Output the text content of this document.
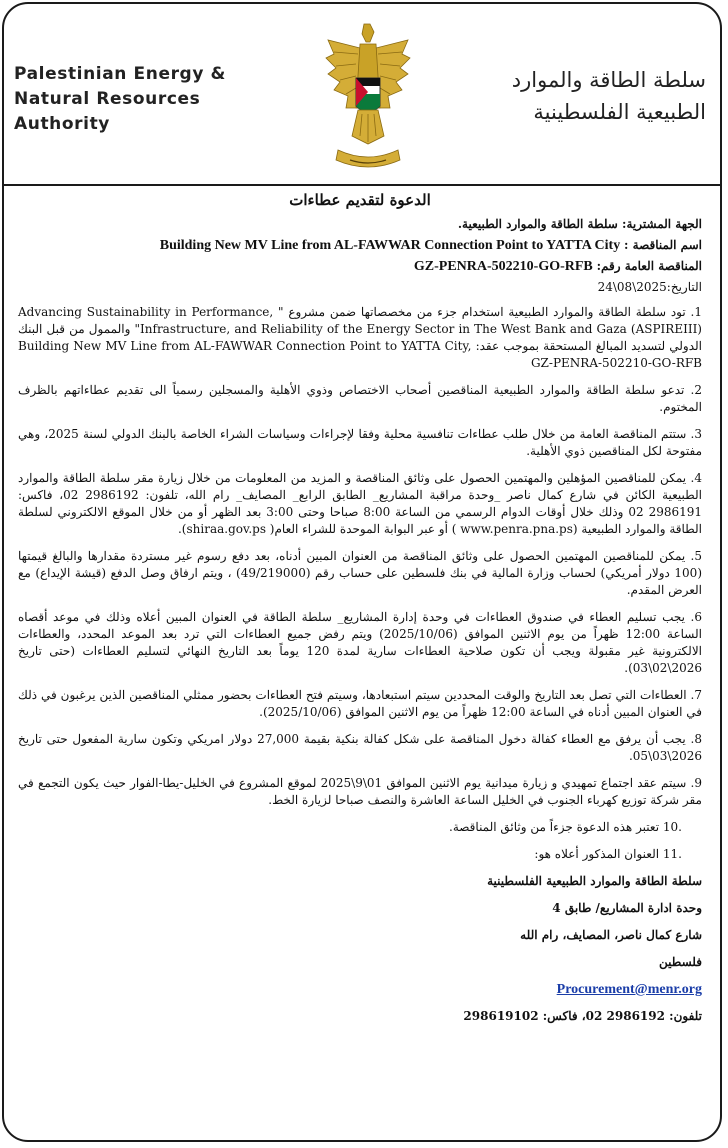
Palestinian Energy &
Natural Resources
Authority
سلطة الطاقة والموارد
الطبيعية الفلسطينية
الدعوة لتقديم عطاءات
الجهة المشترية: سلطة الطاقة والموارد الطبيعية.
اسم المناقصة : Building New MV Line from AL-FAWWAR Connection Point to YATTA City
المناقصة العامة رقم: GZ-PENRA-502210-GO-RFB
التاريخ:2025\08\24
1. تود سلطة الطاقة والموارد الطبيعية استخدام جزء من مخصصاتها ضمن مشروع " Advancing Sustainability in Performance, Infrastructure, and Reliability of the Energy Sector in The West Bank and Gaza (ASPIREIII)" والممول من قبل البنك الدولي لتسديد المبالغ المستحقة بموجب عقد: Building New MV Line from AL-FAWWAR Connection Point to YATTA City, GZ-PENRA-502210-GO-RFB
2. تدعو سلطة الطاقة والموارد الطبيعية المناقصين أصحاب الاختصاص وذوي الأهلية والمسجلين رسمياً الى تقديم عطاءاتهم بالظرف المختوم.
3. ستتم المناقصة العامة من خلال طلب عطاءات تنافسية محلية وفقا لإجراءات وسياسات الشراء الخاصة بالبنك الدولي لسنة 2025، وهي مفتوحة لكل المناقصين ذوي الأهلية.
4. يمكن للمناقصين المؤهلين والمهتمين الحصول على وثائق المناقصة و المزيد من المعلومات من خلال زيارة مقر سلطة الطاقة والموارد الطبيعية الكائن في شارع كمال ناصر _وحدة مراقبة المشاريع_ الطابق الرابع_ المصايف_ رام الله، تلفون: 2986192 02، فاكس: 2986191 02 وذلك خلال أوقات الدوام الرسمي من الساعة 8:00 صباحا وحتى 3:00 بعد الظهر أو من خلال الموقع الالكتروني لسلطة الطاقة والموارد الطبيعية (www.penra.pna.ps ) أو عبر البوابة الموحدة للشراء العام( shiraa.gov.ps).
5. يمكن للمناقصين المهتمين الحصول على وثائق المناقصة من العنوان المبين أدناه، بعد دفع رسوم غير مستردة مقدارها والبالغ قيمتها (100 دولار أمريكي) لحساب وزارة المالية في بنك فلسطين على حساب رقم (49/219000) ، ويتم ارفاق وصل الدفع (قيشة الإيداع) مع العرض المقدم.
6. يجب تسليم العطاء في صندوق العطاءات في وحدة إدارة المشاريع_ سلطة الطاقة في العنوان المبين أعلاه وذلك في موعد أقصاه الساعة 12:00 ظهراً من يوم الاثنين الموافق (2025/10/06) ويتم رفض جميع العطاءات التي ترد بعد الموعد المحدد، والعطاءات الالكترونية غير مقبولة ويجب أن تكون صلاحية العطاءات سارية لمدة 120 يوماً بعد التاريخ النهائي لتسليم العطاءات (حتى تاريخ 2026\02\03).
7. العطاءات التي تصل بعد التاريخ والوقت المحددين سيتم استبعادها، وسيتم فتح العطاءات بحضور ممثلي المناقصين الذين يرغبون في ذلك في العنوان المبين أدناه في الساعة 12:00 ظهراً من يوم الاثنين الموافق (2025/10/06).
8. يجب أن يرفق مع العطاء كفالة دخول المناقصة على شكل كفالة بنكية بقيمة 27,000 دولار امريكي وتكون سارية المفعول حتى تاريخ 2026\03\05.
9. سيتم عقد اجتماع تمهيدي و زيارة ميدانية يوم الاثنين الموافق 01\9\2025 لموقع المشروع في الخليل-يطا-الفوار حيث يكون التجمع في مقر شركة توزيع كهرباء الجنوب في الخليل الساعة العاشرة والنصف صباحا لزيارة الخط.
.10 تعتبر هذه الدعوة جزءاً من وثائق المناقصة.
.11 العنوان المذكور أعلاه هو:
سلطة الطاقة والموارد الطبيعية الفلسطينية
وحدة ادارة المشاريع/ طابق 4
شارع كمال ناصر، المصايف، رام الله
فلسطين
Procurement@menr.org
تلفون: 2986192 02، فاكس: 298619102
